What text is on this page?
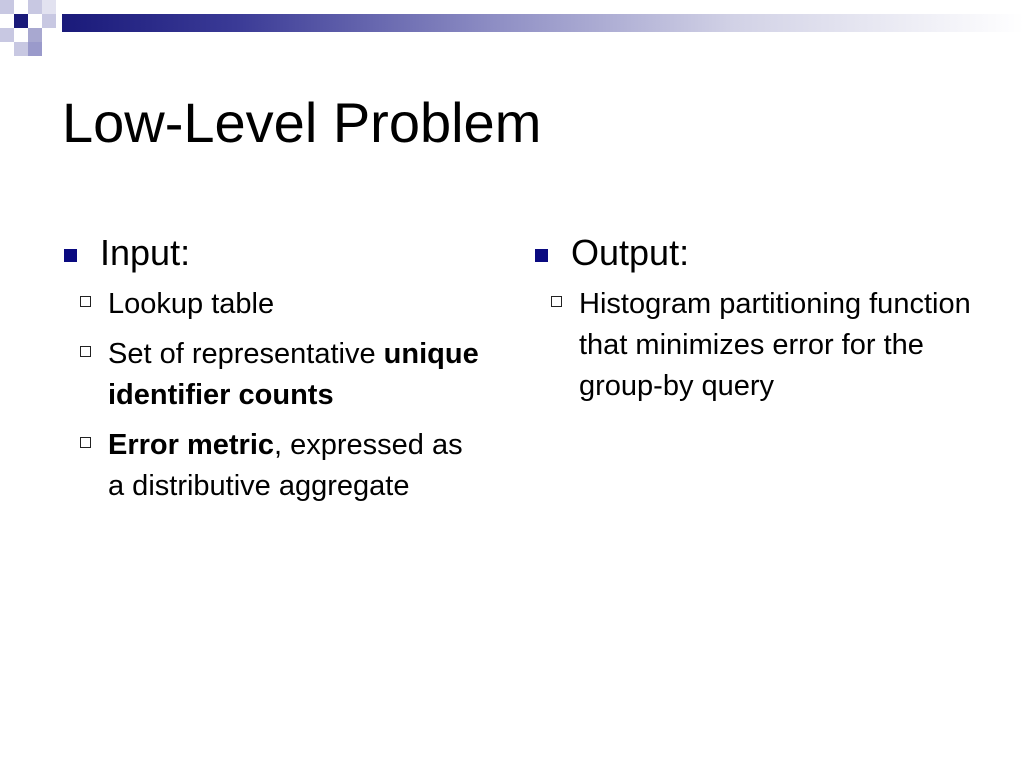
Low-Level Problem
Input:
Lookup table
Set of representative unique identifier counts
Error metric, expressed as a distributive aggregate
Output:
Histogram partitioning function that minimizes error for the group-by query
